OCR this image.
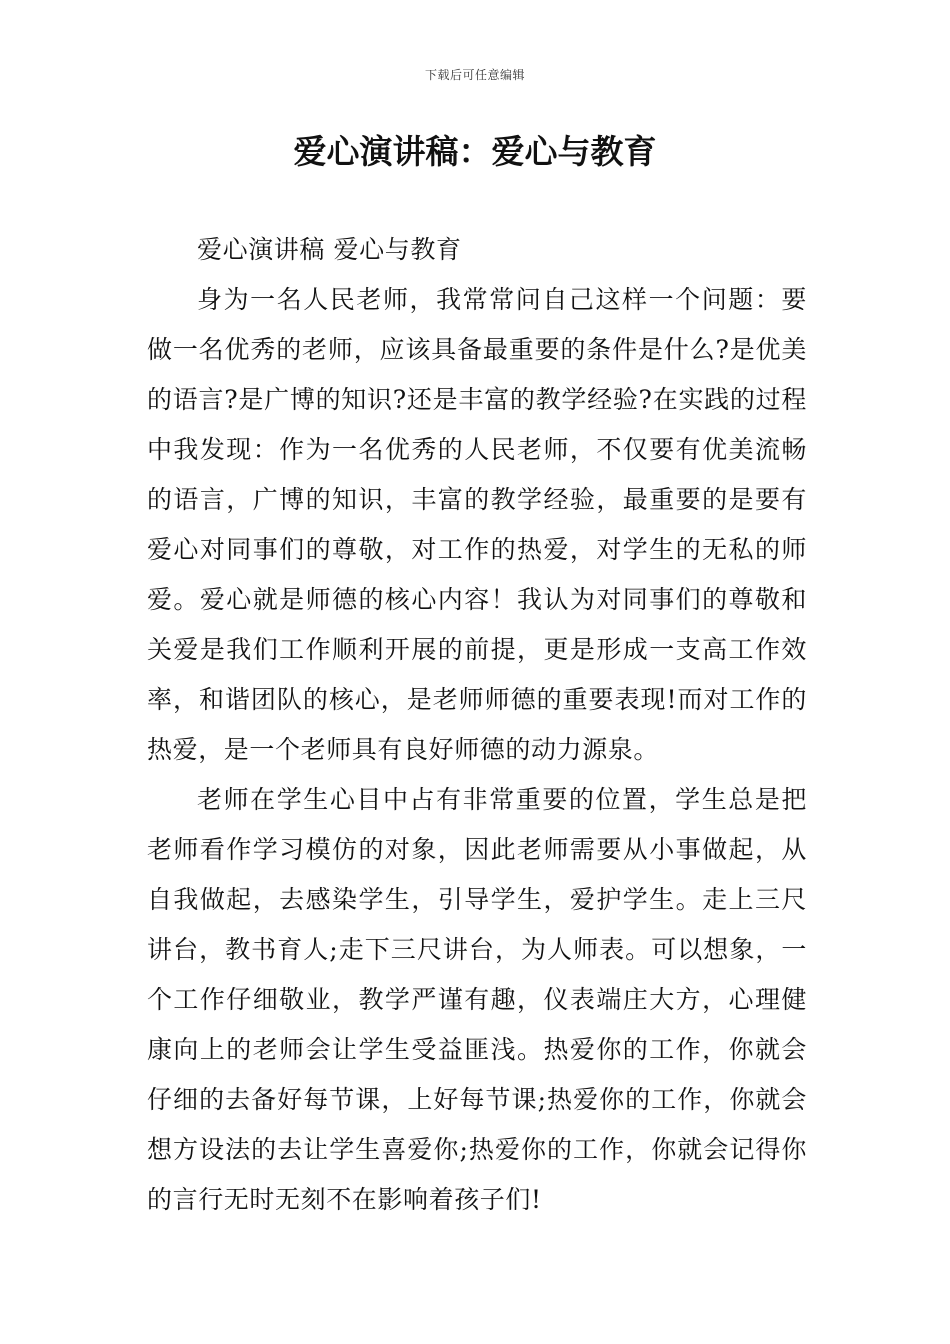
下载后可任意编辑
爱心演讲稿：爱心与教育

爱心演讲稿 爱心与教育

身为一名人民老师，我常常问自己这样一个问题：要做一名优秀的老师，应该具备最重要的条件是什么?是优美的语言?是广博的知识?还是丰富的教学经验?在实践的过程中我发现：作为一名优秀的人民老师，不仅要有优美流畅的语言，广博的知识，丰富的教学经验，最重要的是要有爱心对同事们的尊敬，对工作的热爱，对学生的无私的师爱。爱心就是师德的核心内容！我认为对同事们的尊敬和关爱是我们工作顺利开展的前提，更是形成一支高工作效率，和谐团队的核心，是老师师德的重要表现!而对工作的热爱，是一个老师具有良好师德的动力源泉。

老师在学生心目中占有非常重要的位置，学生总是把老师看作学习模仿的对象，因此老师需要从小事做起，从自我做起，去感染学生，引导学生，爱护学生。走上三尺讲台，教书育人;走下三尺讲台，为人师表。可以想象，一个工作仔细敬业，教学严谨有趣，仪表端庄大方，心理健康向上的老师会让学生受益匪浅。热爱你的工作，你就会仔细的去备好每节课，上好每节课;热爱你的工作，你就会想方设法的去让学生喜爱你;热爱你的工作，你就会记得你的言行无时无刻不在影响着孩子们!
